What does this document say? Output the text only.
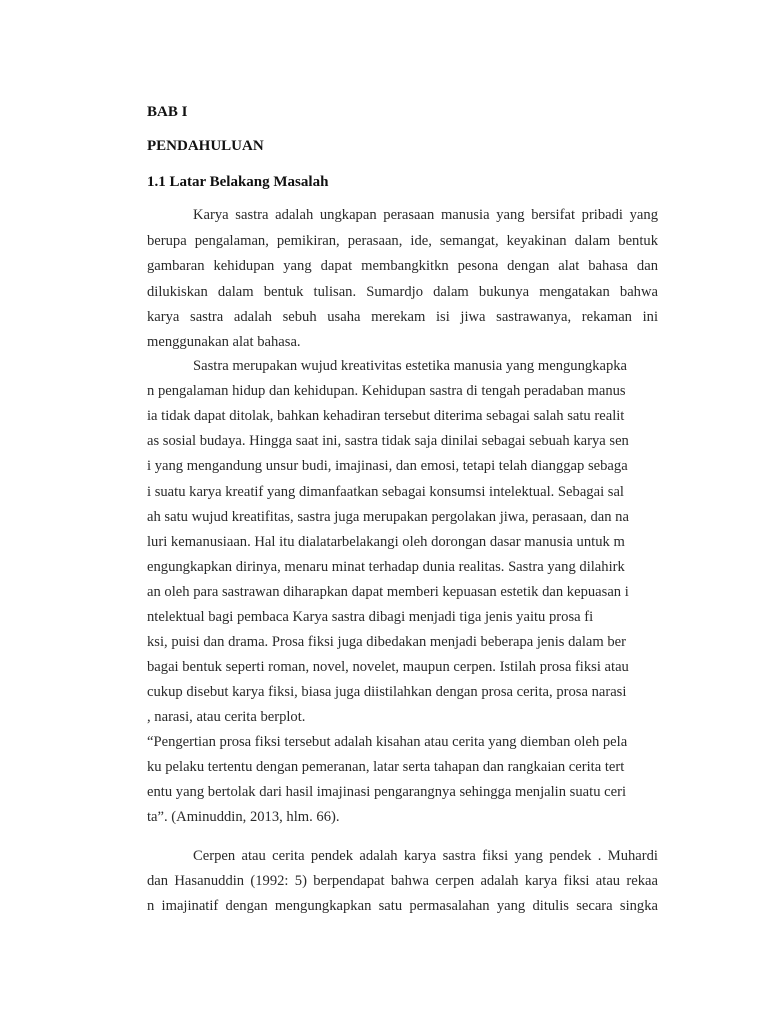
BAB I
PENDAHULUAN
1.1 Latar Belakang Masalah
Karya sastra adalah ungkapan perasaan manusia yang bersifat pribadi yang
berupa pengalaman, pemikiran, perasaan, ide, semangat, keyakinan dalam bentuk
gambaran kehidupan yang dapat membangkitkn pesona dengan alat bahasa dan
dilukiskan dalam bentuk tulisan. Sumardjo dalam bukunya mengatakan bahwa
karya sastra adalah sebuh usaha merekam isi jiwa sastrawanya, rekaman ini
menggunakan alat bahasa.
Sastra merupakan wujud kreativitas estetika manusia yang mengungkapka
n pengalaman hidup dan kehidupan. Kehidupan sastra di tengah peradaban manus
ia tidak dapat ditolak, bahkan kehadiran tersebut diterima sebagai salah satu realit
as sosial budaya. Hingga saat ini, sastra tidak saja dinilai sebagai sebuah karya sen
i yang mengandung unsur budi, imajinasi, dan emosi, tetapi telah dianggap sebaga
i suatu karya kreatif yang dimanfaatkan sebagai konsumsi intelektual. Sebagai sal
ah satu wujud kreatifitas, sastra juga merupakan pergolakan jiwa, perasaan, dan na
luri kemanusiaan. Hal itu dialatarbelakangi oleh dorongan dasar manusia untuk m
engungkapkan dirinya, menaru minat terhadap dunia realitas. Sastra yang dilahirk
an oleh para sastrawan diharapkan dapat memberi kepuasan estetik dan kepuasan i
ntelektual bagi pembaca Karya sastra dibagi menjadi tiga jenis yaitu prosa fi
ksi, puisi dan drama. Prosa fiksi juga dibedakan menjadi beberapa jenis dalam ber
bagai bentuk seperti roman, novel, novelet, maupun cerpen. Istilah prosa fiksi atau
cukup disebut karya fiksi, biasa juga diistilahkan dengan prosa cerita, prosa narasi
, narasi, atau cerita berplot.
“Pengertian prosa fiksi tersebut adalah kisahan atau cerita yang diemban oleh pela
ku pelaku tertentu dengan pemeranan, latar serta tahapan dan rangkaian cerita tert
entu yang bertolak dari hasil imajinasi pengarangnya sehingga menjalin suatu ceri
ta”. (Aminuddin, 2013, hlm. 66).
Cerpen atau cerita pendek adalah karya sastra fiksi yang pendek . Muhardi
dan Hasanuddin (1992: 5) berpendapat bahwa cerpen adalah karya fiksi atau rekaa
n imajinatif dengan mengungkapkan satu permasalahan yang ditulis secara singka
